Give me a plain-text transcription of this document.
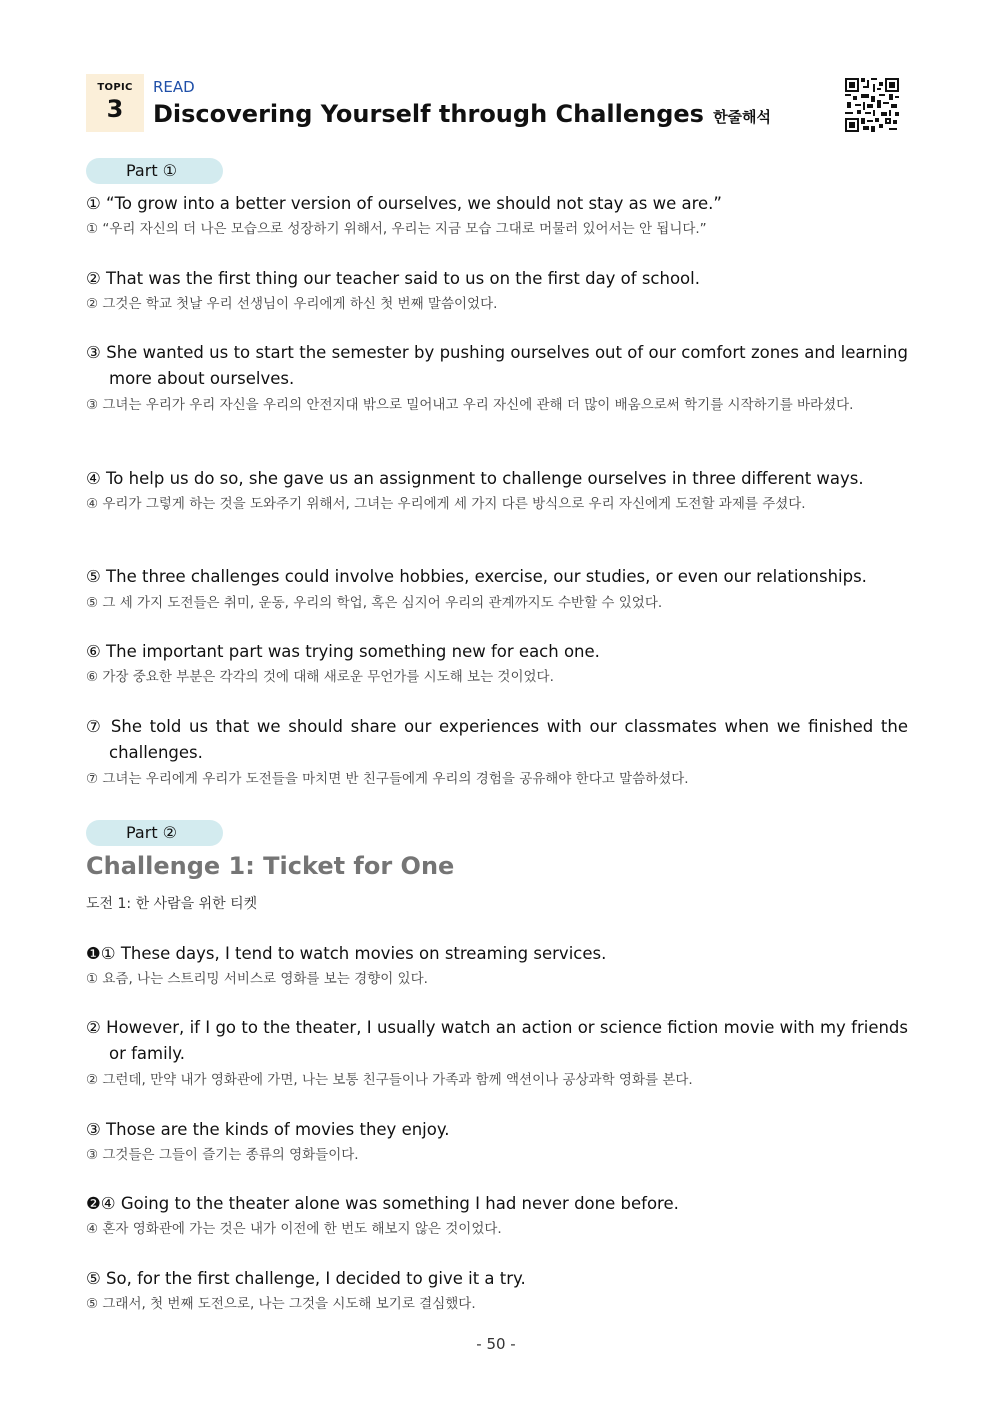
TOPIC
3
READ
Discovering Yourself through Challenges 한줄해석
Part ①
① “To grow into a better version of ourselves, we should not stay as we are.”
① “우리 자신의 더 나은 모습으로 성장하기 위해서, 우리는 지금 모습 그대로 머물러 있어서는 안 됩니다.”
② That was the first thing our teacher said to us on the first day of school.
② 그것은 학교 첫날 우리 선생님이 우리에게 하신 첫 번째 말씀이었다.
③ She wanted us to start the semester by pushing ourselves out of our comfort zones and learning more about ourselves.
③ 그녀는 우리가 우리 자신을 우리의 안전지대 밖으로 밀어내고 우리 자신에 관해 더 많이 배움으로써 학기를 시작하기를 바라셨다.
④ To help us do so, she gave us an assignment to challenge ourselves in three different ways.
④ 우리가 그렇게 하는 것을 도와주기 위해서, 그녀는 우리에게 세 가지 다른 방식으로 우리 자신에게 도전할 과제를 주셨다.
⑤ The three challenges could involve hobbies, exercise, our studies, or even our relationships.
⑤ 그 세 가지 도전들은 취미, 운동, 우리의 학업, 혹은 심지어 우리의 관계까지도 수반할 수 있었다.
⑥ The important part was trying something new for each one.
⑥ 가장 중요한 부분은 각각의 것에 대해 새로운 무언가를 시도해 보는 것이었다.
⑦ She told us that we should share our experiences with our classmates when we finished the challenges.
⑦ 그녀는 우리에게 우리가 도전들을 마치면 반 친구들에게 우리의 경험을 공유해야 한다고 말씀하셨다.
Part ②
Challenge 1: Ticket for One
도전 1: 한 사람을 위한 티켓
❶① These days, I tend to watch movies on streaming services.
① 요즘, 나는 스트리밍 서비스로 영화를 보는 경향이 있다.
② However, if I go to the theater, I usually watch an action or science fiction movie with my friends or family.
② 그런데, 만약 내가 영화관에 가면, 나는 보통 친구들이나 가족과 함께 액션이나 공상과학 영화를 본다.
③ Those are the kinds of movies they enjoy.
③ 그것들은 그들이 즐기는 종류의 영화들이다.
❷④ Going to the theater alone was something I had never done before.
④ 혼자 영화관에 가는 것은 내가 이전에 한 번도 해보지 않은 것이었다.
⑤ So, for the first challenge, I decided to give it a try.
⑤ 그래서, 첫 번째 도전으로, 나는 그것을 시도해 보기로 결심했다.
- 50 -
